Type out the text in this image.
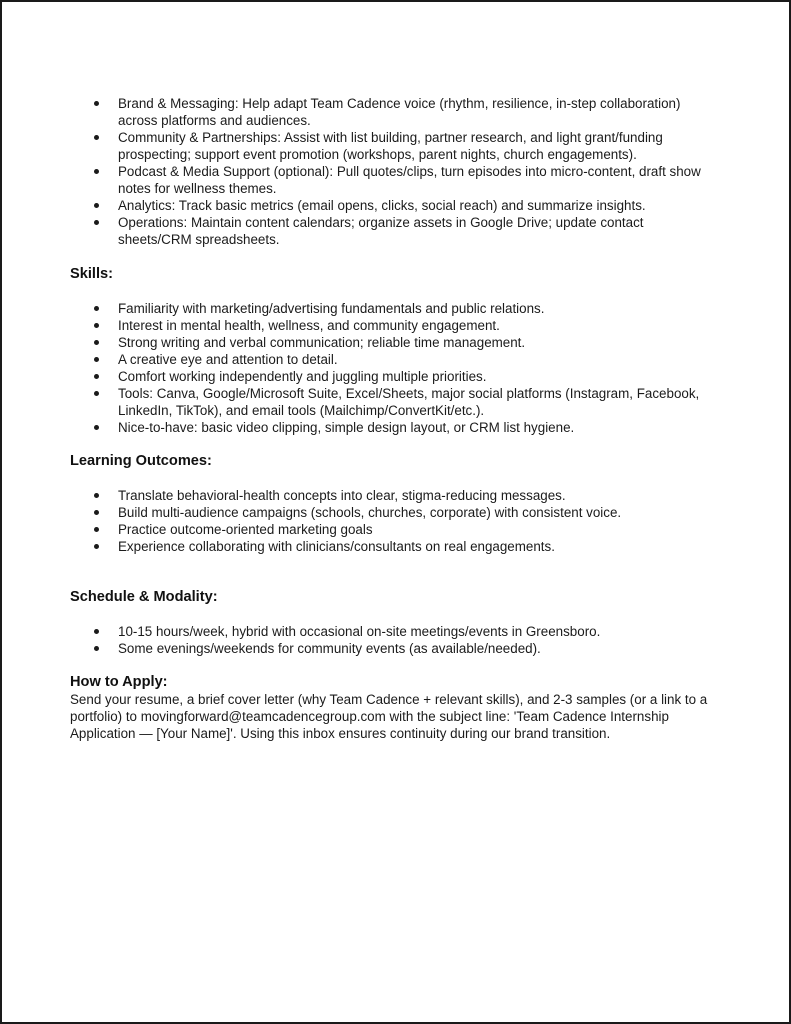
Brand & Messaging: Help adapt Team Cadence voice (rhythm, resilience, in-step collaboration) across platforms and audiences.
Community & Partnerships: Assist with list building, partner research, and light grant/funding prospecting; support event promotion (workshops, parent nights, church engagements).
Podcast & Media Support (optional): Pull quotes/clips, turn episodes into micro-content, draft show notes for wellness themes.
Analytics: Track basic metrics (email opens, clicks, social reach) and summarize insights.
Operations: Maintain content calendars; organize assets in Google Drive; update contact sheets/CRM spreadsheets.
Skills:
Familiarity with marketing/advertising fundamentals and public relations.
Interest in mental health, wellness, and community engagement.
Strong writing and verbal communication; reliable time management.
A creative eye and attention to detail.
Comfort working independently and juggling multiple priorities.
Tools: Canva, Google/Microsoft Suite, Excel/Sheets, major social platforms (Instagram, Facebook, LinkedIn, TikTok), and email tools (Mailchimp/ConvertKit/etc.).
Nice-to-have: basic video clipping, simple design layout, or CRM list hygiene.
Learning Outcomes:
Translate behavioral-health concepts into clear, stigma-reducing messages.
Build multi-audience campaigns (schools, churches, corporate) with consistent voice.
Practice outcome-oriented marketing goals
Experience collaborating with clinicians/consultants on real engagements.
Schedule & Modality:
10-15 hours/week, hybrid with occasional on-site meetings/events in Greensboro.
Some evenings/weekends for community events (as available/needed).
How to Apply:

Send your resume, a brief cover letter (why Team Cadence + relevant skills), and 2-3 samples (or a link to a portfolio) to movingforward@teamcadencegroup.com with the subject line: 'Team Cadence Internship Application — [Your Name]'. Using this inbox ensures continuity during our brand transition.
